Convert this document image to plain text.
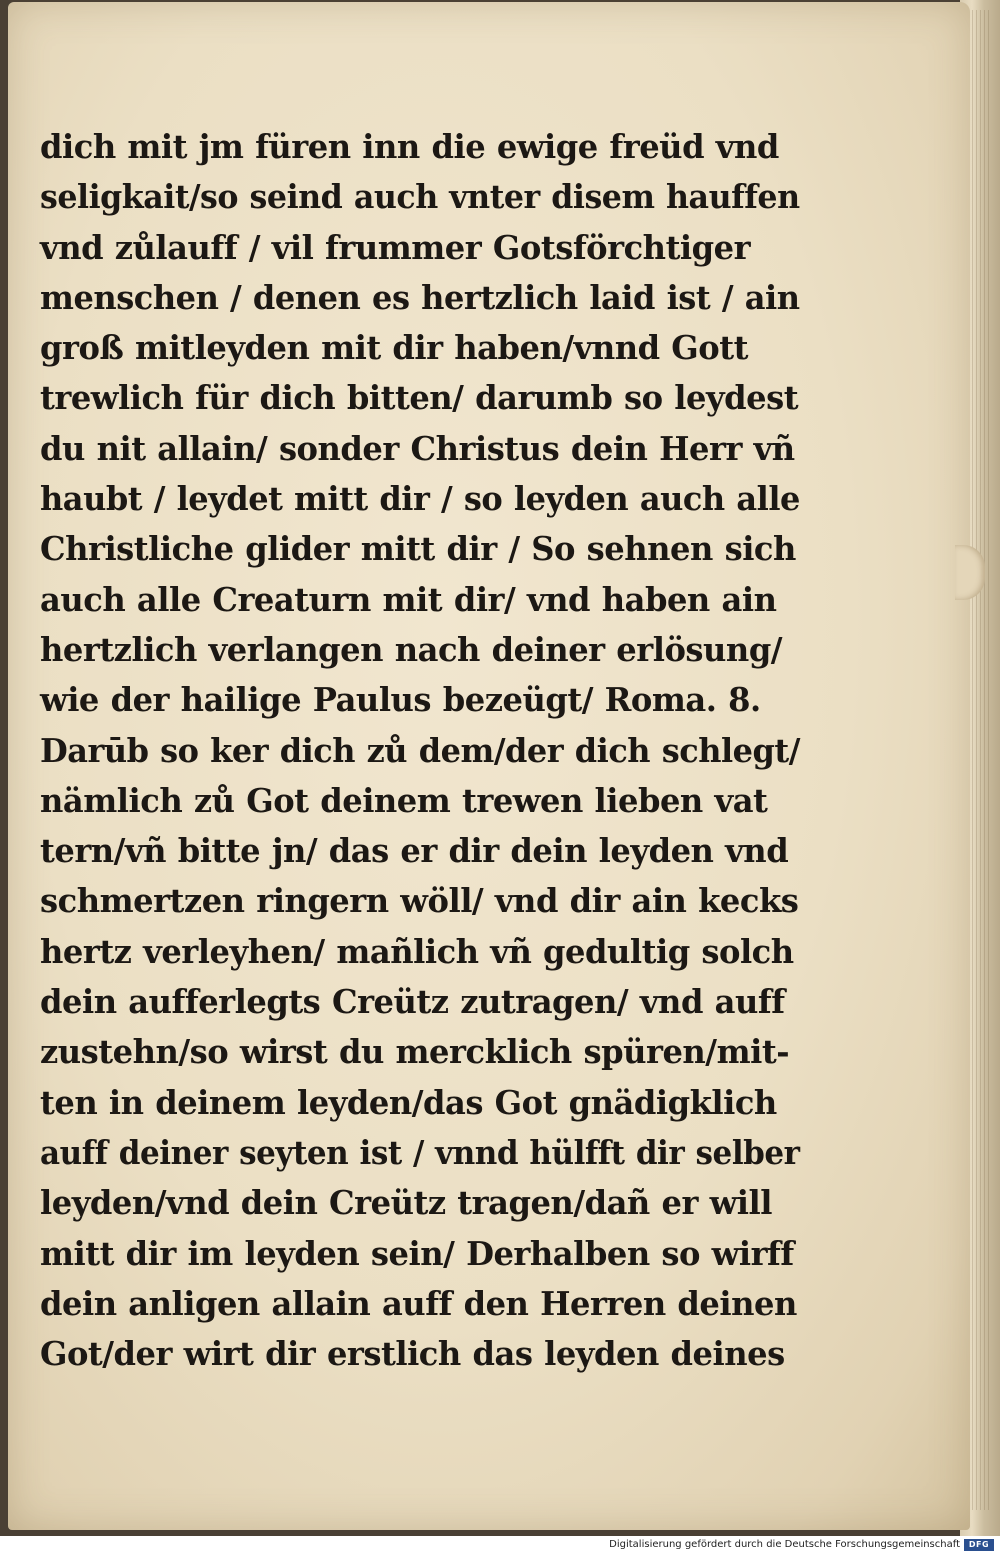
dich mit jm füren inn die ewige freüd vnd
seligkait/so seind auch vnter disem hauffen
vnd zůlauff / vil frummer Gotsförchtiger
menschen / denen es hertzlich laid ist / ain
groß mitleyden mit dir haben/vnnd Gott
trewlich für dich bitten/ darumb so leydest
du nit allain/ sonder Christus dein Herr vñ
haubt / leydet mitt dir / so leyden auch alle
Christliche glider mitt dir / So sehnen sich
auch alle Creaturn mit dir/ vnd haben ain
hertzlich verlangen nach deiner erlösung/
wie der hailige Paulus bezeügt/ Roma. 8.
Darūb so ker dich zů dem/der dich schlegt/
nämlich zů Got deinem trewen lieben vat
tern/vñ bitte jn/ das er dir dein leyden vnd
schmertzen ringern wöll/ vnd dir ain kecks
hertz verleyhen/ mañlich vñ gedultig solch
dein aufferlegts Creütz zutragen/ vnd auff
zustehn/so wirst du mercklich spüren/mit-
ten in deinem leyden/das Got gnädigklich
auff deiner seyten ist / vnnd hülfft dir selber
leyden/vnd dein Creütz tragen/dañ er will
mitt dir im leyden sein/ Derhalben so wirff
dein anligen allain auff den Herren deinen
Got/der wirt dir erstlich das leyden deines
Digitalisierung gefördert durch die Deutsche Forschungsgemeinschaft	DFG
